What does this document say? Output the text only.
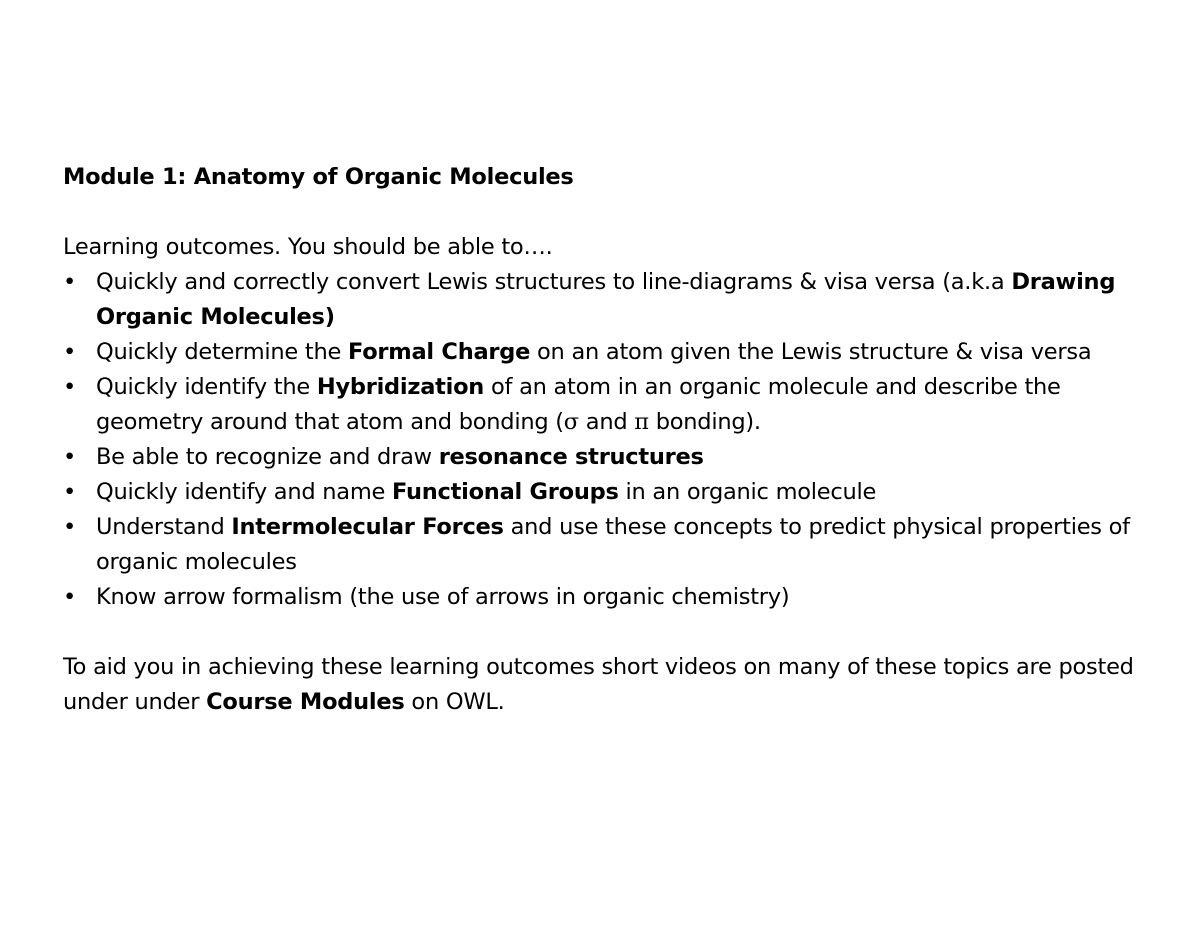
Module 1: Anatomy of Organic Molecules

Learning outcomes. You should be able to….

• Quickly and correctly convert Lewis structures to line-diagrams & visa versa (a.k.a Drawing Organic Molecules)
• Quickly determine the Formal Charge on an atom given the Lewis structure & visa versa
• Quickly identify the Hybridization of an atom in an organic molecule and describe the geometry around that atom and bonding (σ and π bonding).
• Be able to recognize and draw resonance structures
• Quickly identify and name Functional Groups in an organic molecule
• Understand Intermolecular Forces and use these concepts to predict physical properties of organic molecules
• Know arrow formalism (the use of arrows in organic chemistry)

To aid you in achieving these learning outcomes short videos on many of these topics are posted under under Course Modules on OWL.
